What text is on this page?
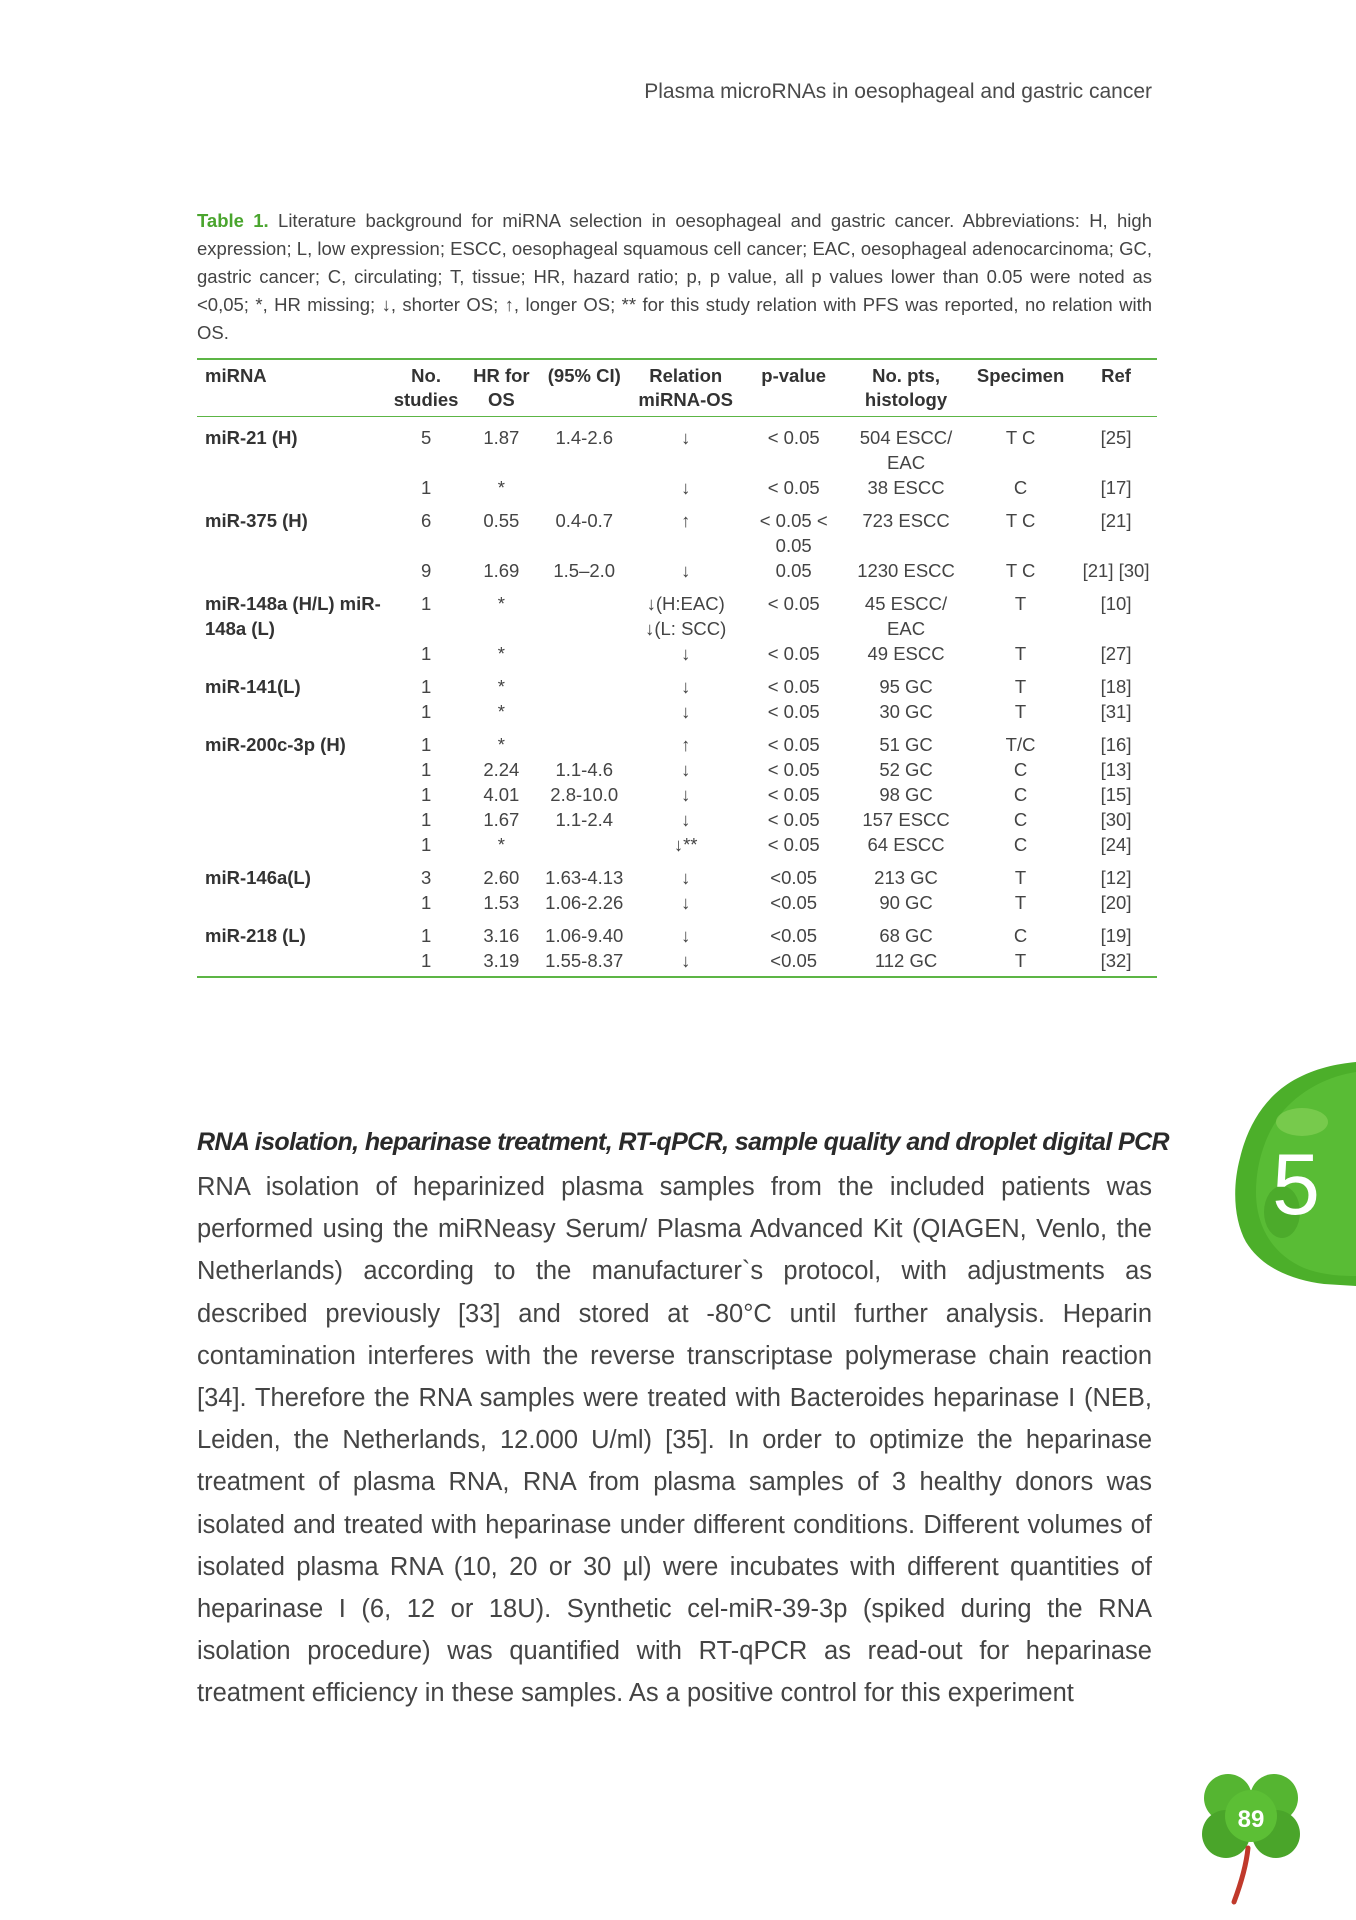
Plasma microRNAs in oesophageal and gastric cancer
Table 1. Literature background for miRNA selection in oesophageal and gastric cancer. Abbreviations: H, high expression; L, low expression; ESCC, oesophageal squamous cell cancer; EAC, oesophageal adenocarcinoma; GC, gastric cancer; C, circulating; T, tissue; HR, hazard ratio; p, p value, all p values lower than 0.05 were noted as <0,05; *, HR missing; ↓, shorter OS; ↑, longer OS; ** for this study relation with PFS was reported, no relation with OS.
miRNA	No. studies	HR for OS	(95% CI)	Relation miRNA-OS	p-value	No. pts, histology	Specimen	Ref
miR-21 (H)	5	1.87	1.4-2.6	↓	< 0.05	504 ESCC/ EAC	T C	[25]
	1	*		↓	< 0.05	38 ESCC	C	[17]
miR-375 (H)	6	0.55	0.4-0.7	↑	< 0.05 < 0.05	723 ESCC	T C	[21]
	9	1.69	1.5–2.0	↓	0.05	1230 ESCC	T C	[21] [30]
miR-148a (H/L) miR-148a (L)	1	*		↓(H:EAC) ↓(L: SCC)	< 0.05	45 ESCC/ EAC	T	[10]
	1	*		↓	< 0.05	49 ESCC	T	[27]
miR-141(L)	1	*		↓	< 0.05	95 GC	T	[18]
	1	*		↓	< 0.05	30 GC	T	[31]
miR-200c-3p (H)	1	*		↑	< 0.05	51 GC	T/C	[16]
	1	2.24	1.1-4.6	↓	< 0.05	52 GC	C	[13]
	1	4.01	2.8-10.0	↓	< 0.05	98 GC	C	[15]
	1	1.67	1.1-2.4	↓	< 0.05	157 ESCC	C	[30]
	1	*		↓**	< 0.05	64 ESCC	C	[24]
miR-146a(L)	3	2.60	1.63-4.13	↓	<0.05	213 GC	T	[12]
	1	1.53	1.06-2.26	↓	<0.05	90 GC	T	[20]
miR-218 (L)	1	3.16	1.06-9.40	↓	<0.05	68 GC	C	[19]
	1	3.19	1.55-8.37	↓	<0.05	112 GC	T	[32]
RNA isolation, heparinase treatment, RT-qPCR, sample quality and droplet digital PCR
RNA isolation of heparinized plasma samples from the included patients was performed using the miRNeasy Serum/ Plasma Advanced Kit (QIAGEN, Venlo, the Netherlands) according to the manufacturer`s protocol, with adjustments as described previously [33] and stored at -80°C until further analysis. Heparin contamination interferes with the reverse transcriptase polymerase chain reaction [34]. Therefore the RNA samples were treated with Bacteroides heparinase I (NEB, Leiden, the Netherlands, 12.000 U/ml) [35]. In order to optimize the heparinase treatment of plasma RNA, RNA from plasma samples of 3 healthy donors was isolated and treated with heparinase under different conditions. Different volumes of isolated plasma RNA (10, 20 or 30 µl) were incubates with different quantities of heparinase I (6, 12 or 18U). Synthetic cel-miR-39-3p (spiked during the RNA isolation procedure) was quantified with RT-qPCR as read-out for heparinase treatment efficiency in these samples. As a positive control for this experiment
5
89
